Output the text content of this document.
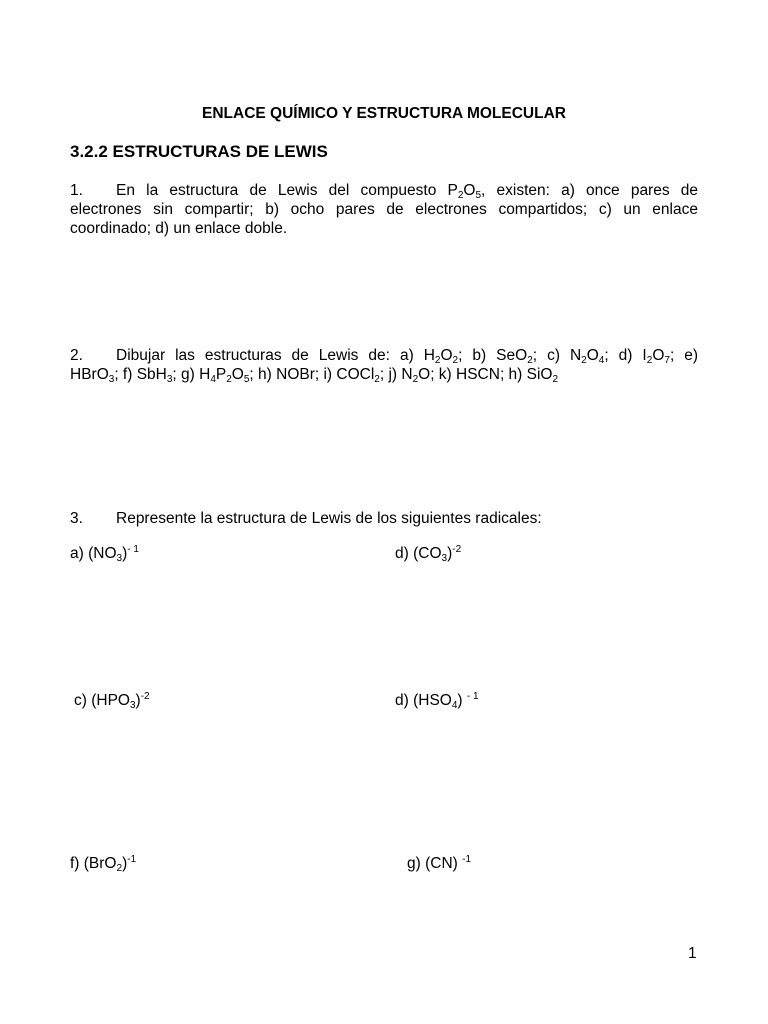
ENLACE QUÍMICO Y ESTRUCTURA MOLECULAR
3.2.2 ESTRUCTURAS DE LEWIS
1. En la estructura de Lewis del compuesto $P_2O_5$, existen: a) once pares de
electrones sin compartir; b) ocho pares de electrones compartidos; c) un enlace
coordinado; d) un enlace doble.
2. Dibujar las estructuras de Lewis de: a) $H_2O_2$; b) SeO$_2$; c) $N_2O_4$; d) $I_2O_7$; e)
HBrO$_3$; f) SbH$_3$; g) $H_4P_2O_5$; h) NOBr; i) COCl$_2$; j) $N_2O$; k) HSCN; h) SiO$_2$
3. Represente la estructura de Lewis de los siguientes radicales:
a) $(NO_3)^{- 1}$	d) $(CO_3)^{-2}$
c) $(HPO_3)^{-2}$	d) $(HSO_4)$ $^{- 1}$
f) $(BrO_2)^{-1}$	g) (CN) $^{-1}$
1
